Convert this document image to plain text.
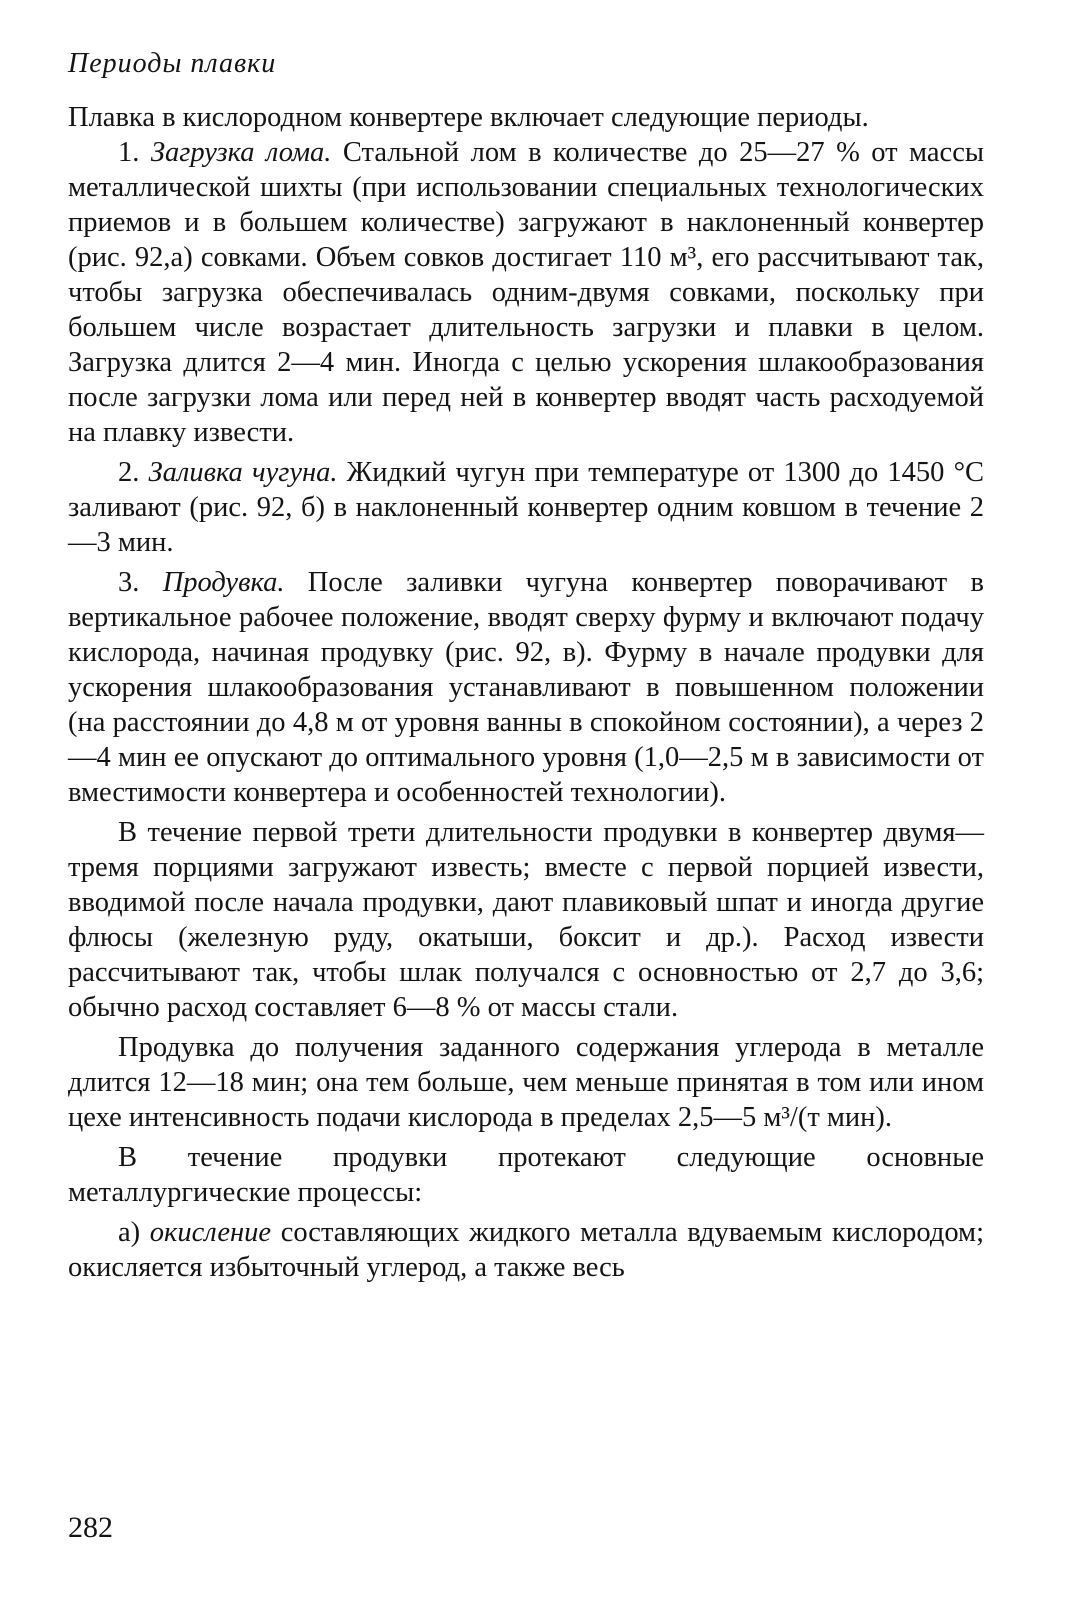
Периоды плавки

Плавка в кислородном конвертере включает следующие периоды.

1. Загрузка лома. Стальной лом в количестве до 25—27 % от массы металлической шихты (при использовании специальных технологических приемов и в большем количестве) загружают в наклоненный конвертер (рис. 92,а) совками. Объем совков достигает 110 м³, его рассчитывают так, чтобы загрузка обеспечивалась одним-двумя совками, поскольку при большем числе возрастает длительность загрузки и плавки в целом. Загрузка длится 2—4 мин. Иногда с целью ускорения шлакообразования после загрузки лома или перед ней в конвертер вводят часть расходуемой на плавку извести.

2. Заливка чугуна. Жидкий чугун при температуре от 1300 до 1450 °С заливают (рис. 92, б) в наклоненный конвертер одним ковшом в течение 2—3 мин.

3. Продувка. После заливки чугуна конвертер поворачивают в вертикальное рабочее положение, вводят сверху фурму и включают подачу кислорода, начиная продувку (рис. 92, в). Фурму в начале продувки для ускорения шлакообразования устанавливают в повышенном положении (на расстоянии до 4,8 м от уровня ванны в спокойном состоянии), а через 2—4 мин ее опускают до оптимального уровня (1,0—2,5 м в зависимости от вместимости конвертера и особенностей технологии).

В течение первой трети длительности продувки в конвертер двумя—тремя порциями загружают известь; вместе с первой порцией извести, вводимой после начала продувки, дают плавиковый шпат и иногда другие флюсы (железную руду, окатыши, боксит и др.). Расход извести рассчитывают так, чтобы шлак получался с основностью от 2,7 до 3,6; обычно расход составляет 6—8 % от массы стали.

Продувка до получения заданного содержания углерода в металле длится 12—18 мин; она тем больше, чем меньше принятая в том или ином цехе интенсивность подачи кислорода в пределах 2,5—5 м³/(т мин).

В течение продувки протекают следующие основные металлургические процессы:

а) окисление составляющих жидкого металла вдуваемым кислородом; окисляется избыточный углерод, а также весь

282
